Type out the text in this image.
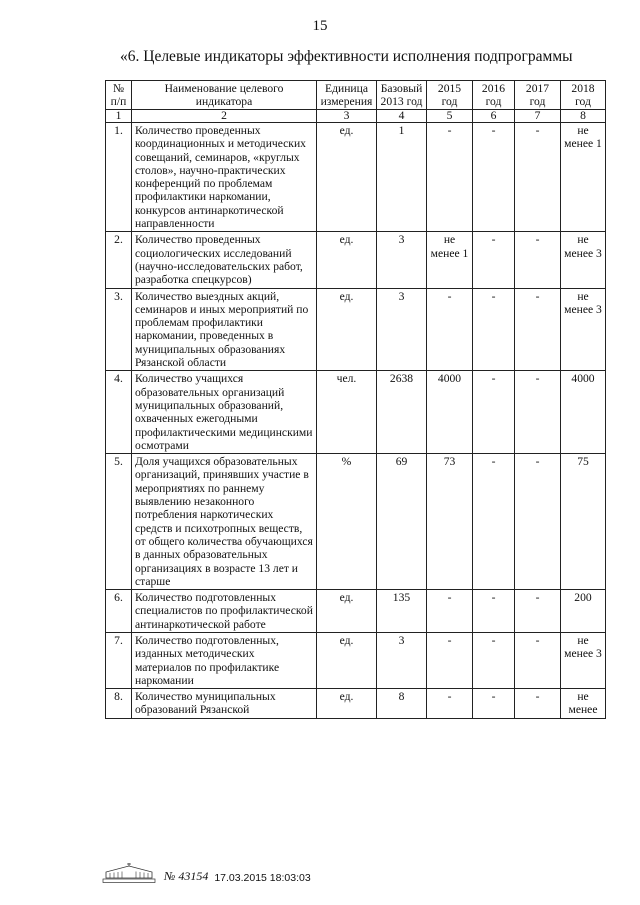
15
«6. Целевые индикаторы эффективности исполнения подпрограммы
№ п/п	Наименование целевого индикатора	Единица измерения	Базовый 2013 год	2015 год	2016 год	2017 год	2018 год
1	2	3	4	5	6	7	8
1.	Количество проведенных координационных и методических совещаний, семинаров, «круглых столов», научно-практических конференций по проблемам профилактики наркомании, конкурсов антинаркотической направленности	ед.	1	-	-	-	не менее 1
2.	Количество проведенных социологических исследований (научно-исследовательских работ, разработка спецкурсов)	ед.	3	не менее 1	-	-	не менее 3
3.	Количество выездных акций, семинаров и иных мероприятий по проблемам профилактики наркомании, проведенных в муниципальных образованиях Рязанской области	ед.	3	-	-	-	не менее 3
4.	Количество учащихся образовательных организаций муниципальных образований, охваченных ежегодными профилактическими медицинскими осмотрами	чел.	2638	4000	-	-	4000
5.	Доля учащихся образовательных организаций, принявших участие в мероприятиях по раннему выявлению незаконного потребления наркотических средств и психотропных веществ, от общего количества обучающихся в данных образовательных организациях в возрасте 13 лет и старше	%	69	73	-	-	75
6.	Количество подготовленных специалистов по профилактической антинаркотической работе	ед.	135	-	-	-	200
7.	Количество подготовленных, изданных методических материалов по профилактике наркомании	ед.	3	-	-	-	не менее 3
8.	Количество муниципальных образований Рязанской	ед.	8	-	-	-	не менее
№ 43154 17.03.2015 18:03:03
